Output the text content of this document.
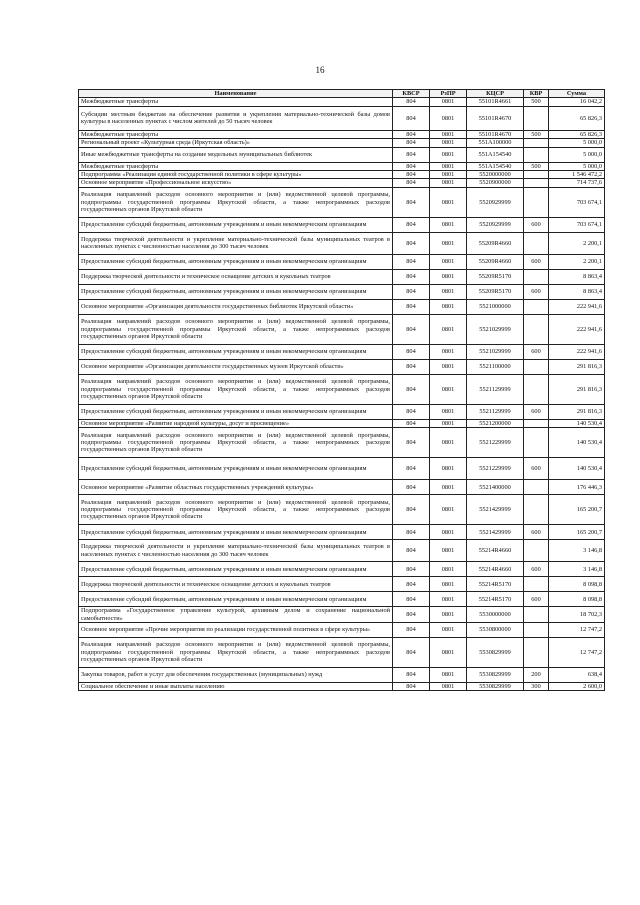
16
Наименование	КВСР	РзПР	КЦСР	КВР	Сумма
Межбюджетные трансферты	804	0801	55101R4661	500	16 042,2
Субсидии местным бюджетам на обеспечение развития и укрепления материально-технической базы домов культуры в населенных пунктах с числом жителей до 50 тысяч человек	804	0801	55101R4670		65 826,3
Межбюджетные трансферты	804	0801	55101R4670	500	65 826,3
Региональный проект «Культурная среда (Иркутская область)»	804	0801	551A100000		5 000,0
Иные межбюджетные трансферты на создание модельных муниципальных библиотек	804	0801	551A154540		5 000,0
Межбюджетные трансферты	804	0801	551A154540	500	5 000,0
Подпрограмма «Реализация единой государственной политики в сфере культуры»	804	0801	5520000000		1 546 472,2
Основное мероприятие «Профессиональное искусство»	804	0801	5520900000		714 737,6
Реализация направлений расходов основного мероприятия и (или) ведомственной целевой программы, подпрограммы государственной программы Иркутской области, а также непрограммных расходов государственных органов Иркутской области	804	0801	5520929999		703 674,1
Предоставление субсидий бюджетным, автономным учреждениям и иным некоммерческим организациям	804	0801	5520929999	600	703 674,1
Поддержка творческой деятельности и укрепление материально-технической базы муниципальных театров в населенных пунктах с численностью населения до 300 тысяч человек	804	0801	55209R4660		2 200,1
Предоставление субсидий бюджетным, автономным учреждениям и иным некоммерческим организациям	804	0801	55209R4660	600	2 200,1
Поддержка творческой деятельности и техническое оснащение детских и кукольных театров	804	0801	55209R5170		8 863,4
Предоставление субсидий бюджетным, автономным учреждениям и иным некоммерческим организациям	804	0801	55209R5170	600	8 863,4
Основное мероприятие «Организация деятельности государственных библиотек Иркутской области»	804	0801	5521000000		222 941,6
Реализация направлений расходов основного мероприятия и (или) ведомственной целевой программы, подпрограммы государственной программы Иркутской области, а также непрограммных расходов государственных органов Иркутской области	804	0801	5521029999		222 941,6
Предоставление субсидий бюджетным, автономным учреждениям и иным некоммерческим организациям	804	0801	5521029999	600	222 941,6
Основное мероприятие «Организация деятельности государственных музеев Иркутской области»	804	0801	5521100000		291 816,3
Реализация направлений расходов основного мероприятия и (или) ведомственной целевой программы, подпрограммы государственной программы Иркутской области, а также непрограммных расходов государственных органов Иркутской области	804	0801	5521129999		291 816,3
Предоставление субсидий бюджетным, автономным учреждениям и иным некоммерческим организациям	804	0801	5521129999	600	291 816,3
Основное мероприятие «Развитие народной культуры, досуг и просвещение»	804	0801	5521200000		140 530,4
Реализация направлений расходов основного мероприятия и (или) ведомственной целевой программы, подпрограммы государственной программы Иркутской области, а также непрограммных расходов государственных органов Иркутской области	804	0801	5521229999		140 530,4
Предоставление субсидий бюджетным, автономным учреждениям и иным некоммерческим организациям	804	0801	5521229999	600	140 530,4
Основное мероприятие «Развитие областных государственных учреждений культуры»	804	0801	5521400000		176 446,3
Реализация направлений расходов основного мероприятия и (или) ведомственной целевой программы, подпрограммы государственной программы Иркутской области, а также непрограммных расходов государственных органов Иркутской области	804	0801	5521429999		165 200,7
Предоставление субсидий бюджетным, автономным учреждениям и иным некоммерческим организациям	804	0801	5521429999	600	165 200,7
Поддержка творческой деятельности и укрепление материально-технической базы муниципальных театров в населенных пунктах с численностью населения до 300 тысяч человек	804	0801	55214R4660		3 146,8
Предоставление субсидий бюджетным, автономным учреждениям и иным некоммерческим организациям	804	0801	55214R4660	600	3 146,8
Поддержка творческой деятельности и техническое оснащение детских и кукольных театров	804	0801	55214R5170		8 098,8
Предоставление субсидий бюджетным, автономным учреждениям и иным некоммерческим организациям	804	0801	55214R5170	600	8 098,8
Подпрограмма «Государственное управление культурой, архивным делом и сохранение национальной самобытности»	804	0801	5530000000		18 702,3
Основное мероприятие «Прочие мероприятия по реализации государственной политики в сфере культуры»	804	0801	5530800000		12 747,2
Реализация направлений расходов основного мероприятия и (или) ведомственной целевой программы, подпрограммы государственной программы Иркутской области, а также непрограммных расходов государственных органов Иркутской области	804	0801	5530829999		12 747,2
Закупка товаров, работ и услуг для обеспечения государственных (муниципальных) нужд	804	0801	5530829999	200	638,4
Социальное обеспечение и иные выплаты населению	804	0801	5530829999	300	2 600,0
